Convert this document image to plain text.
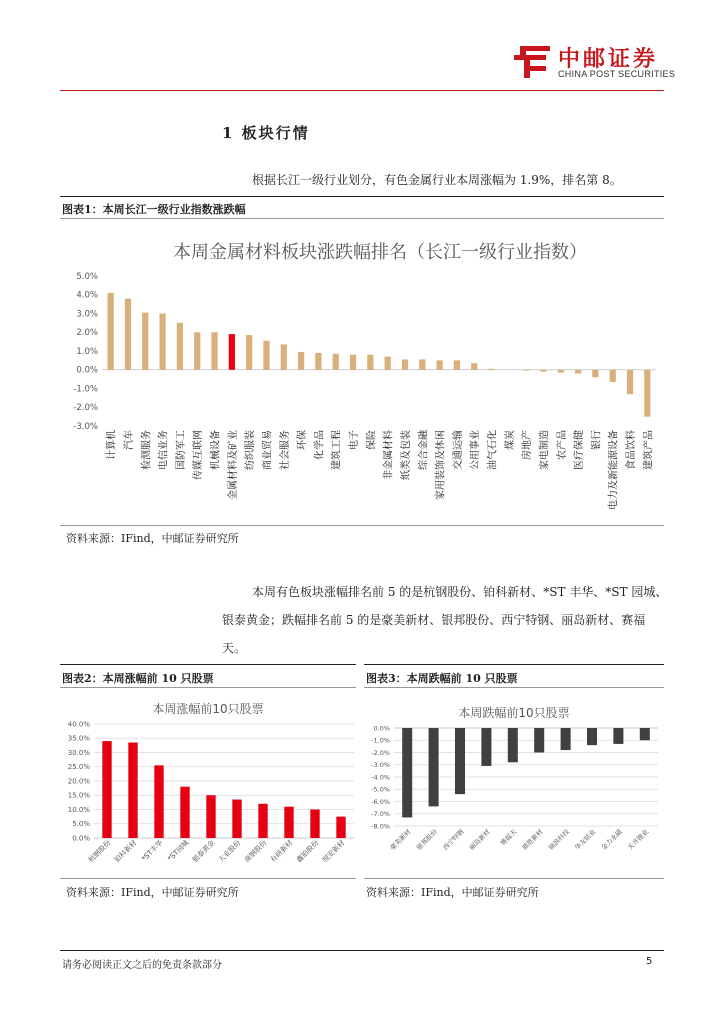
中邮证券
CHINA POST SECURITIES
1 板块行情
根据长江一级行业划分，有色金属行业本周涨幅为 1.9%，排名第 8。
图表1：本周长江一级行业指数涨跌幅
本周金属材料板块涨跌幅排名（长江一级行业指数）
5.0%
4.0%
3.0%
2.0%
1.0%
0.0%
-1.0%
-2.0%
-3.0%
计算机 汽车 检测服务 电信业务 国防军工 传媒互联网 机械设备 金属材料及矿业 纺织服装 商业贸易 社会服务 环保 化学品 建筑工程 电子 保险 非金属材料 纸类及包装 综合金融 家用装饰及休闲 交通运输 公用事业 油气石化 煤炭 房地产 家电制造 农产品 医疗保健 银行 电力及新能源设备 食品饮料 建筑产品
资料来源：IFind，中邮证券研究所
本周有色板块涨幅排名前 5 的是杭钢股份、铂科新材、*ST 丰华、*ST 园城、
银泰黄金；跌幅排名前 5 的是豪美新材、银邦股份、西宁特钢、丽岛新材、赛福
天。
图表2：本周涨幅前 10 只股票
本周涨幅前10只股票
40.0%
35.0%
30.0%
25.0%
20.0%
15.0%
10.0%
5.0%
0.0%
杭钢股份 铂科新材 *ST丰华 *ST园城 银泰黄金 大业股份 南钢股份 有研新材 鑫铂股份 悦安新材
资料来源：IFind，中邮证券研究所
图表3：本周跌幅前 10 只股票
本周跌幅前10只股票
0.0%
-1.0%
-2.0%
-3.0%
-4.0%
-5.0%
-6.0%
-7.0%
-8.0%
豪美新材 银邦股份 西宁特钢 丽岛新材 赛福天 鼎胜新材 锦浪科技 华友钴业 金力永磁 天齐锂业
资料来源：IFind，中邮证券研究所
请务必阅读正文之后的免责条款部分	5
